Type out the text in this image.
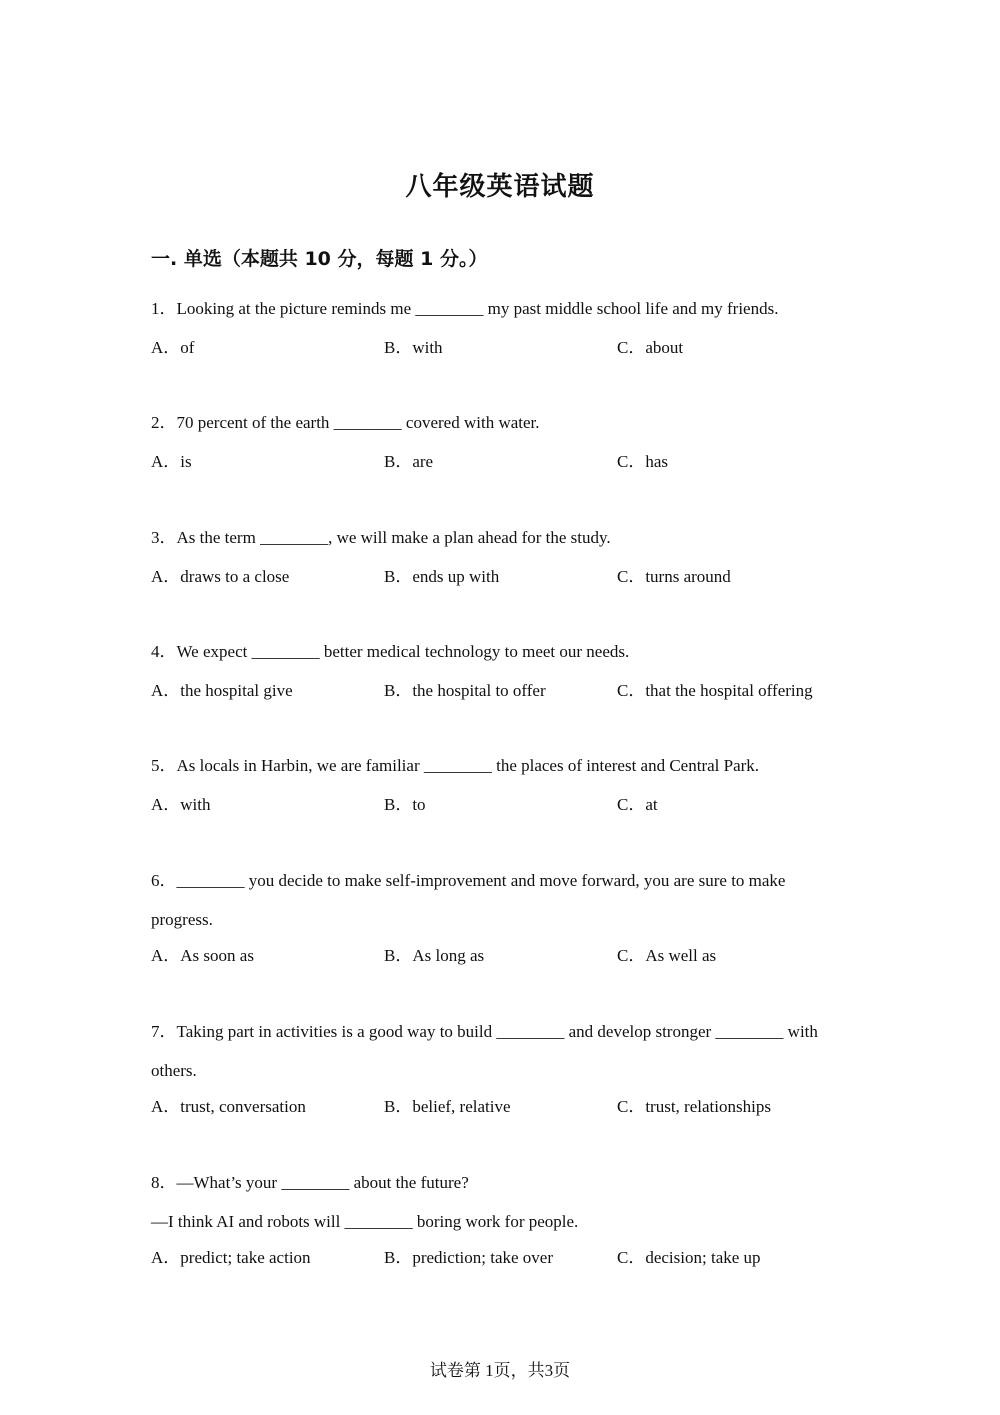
八年级英语试题
一. 单选（本题共 10 分，每题 1 分。）
1．Looking at the picture reminds me ________ my past middle school life and my friends.
A．of	B．with	C．about
2．70 percent of the earth ________ covered with water.
A．is	B．are	C．has
3．As the term ________, we will make a plan ahead for the study.
A．draws to a close	B．ends up with	C．turns around
4．We expect ________ better medical technology to meet our needs.
A．the hospital give	B．the hospital to offer	C．that the hospital offering
5．As locals in Harbin, we are familiar ________ the places of interest and Central Park.
A．with	B．to	C．at
6．________ you decide to make self-improvement and move forward, you are sure to make
progress.
A．As soon as	B．As long as	C．As well as
7．Taking part in activities is a good way to build ________ and develop stronger ________ with
others.
A．trust, conversation	B．belief, relative	C．trust, relationships
8．—What’s your ________ about the future?
—I think AI and robots will ________ boring work for people.
A．predict; take action	B．prediction; take over	C．decision; take up
试卷第 1页，共3页
